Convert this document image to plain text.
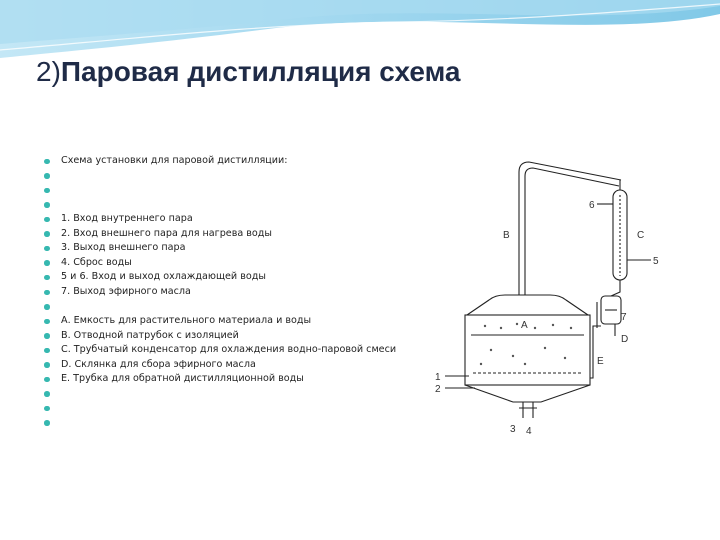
2)Паровая дистилляция схема
Схема установки для паровой дистилляции:
1. Вход внутреннего пара
2. Вход внешнего пара для нагрева воды
3. Выход внешнего пара
4. Сброс воды
5 и 6. Вход и выход охлаждающей воды
7. Выход эфирного масла
А. Емкость для растительного материала и воды
В. Отводной патрубок с изоляцией
С. Трубчатый конденсатор для охлаждения водно-паровой смеси
D. Склянка для сбора эфирного масла
Е. Трубка для обратной дистилляционной воды
6
B	C
5
7
A
D
E
1
2
3 4
